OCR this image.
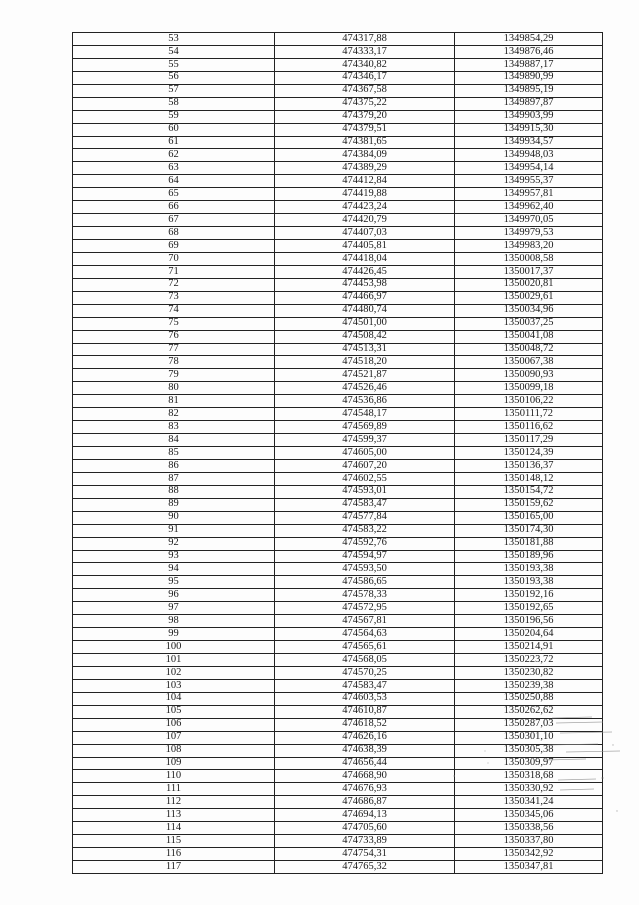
53	474317,88	1349854,29
54	474333,17	1349876,46
55	474340,82	1349887,17
56	474346,17	1349890,99
57	474367,58	1349895,19
58	474375,22	1349897,87
59	474379,20	1349903,99
60	474379,51	1349915,30
61	474381,65	1349934,57
62	474384,09	1349948,03
63	474389,29	1349954,14
64	474412,84	1349955,37
65	474419,88	1349957,81
66	474423,24	1349962,40
67	474420,79	1349970,05
68	474407,03	1349979,53
69	474405,81	1349983,20
70	474418,04	1350008,58
71	474426,45	1350017,37
72	474453,98	1350020,81
73	474466,97	1350029,61
74	474480,74	1350034,96
75	474501,00	1350037,25
76	474508,42	1350041,08
77	474513,31	1350048,72
78	474518,20	1350067,38
79	474521,87	1350090,93
80	474526,46	1350099,18
81	474536,86	1350106,22
82	474548,17	1350111,72
83	474569,89	1350116,62
84	474599,37	1350117,29
85	474605,00	1350124,39
86	474607,20	1350136,37
87	474602,55	1350148,12
88	474593,01	1350154,72
89	474583,47	1350159,62
90	474577,84	1350165,00
91	474583,22	1350174,30
92	474592,76	1350181,88
93	474594,97	1350189,96
94	474593,50	1350193,38
95	474586,65	1350193,38
96	474578,33	1350192,16
97	474572,95	1350192,65
98	474567,81	1350196,56
99	474564,63	1350204,64
100	474565,61	1350214,91
101	474568,05	1350223,72
102	474570,25	1350230,82
103	474583,47	1350239,38
104	474603,53	1350250,88
105	474610,87	1350262,62
106	474618,52	1350287,03
107	474626,16	1350301,10
108	474638,39	1350305,38
109	474656,44	1350309,97
110	474668,90	1350318,68
111	474676,93	1350330,92
112	474686,87	1350341,24
113	474694,13	1350345,06
114	474705,60	1350338,56
115	474733,89	1350337,80
116	474754,31	1350342,92
117	474765,32	1350347,81
